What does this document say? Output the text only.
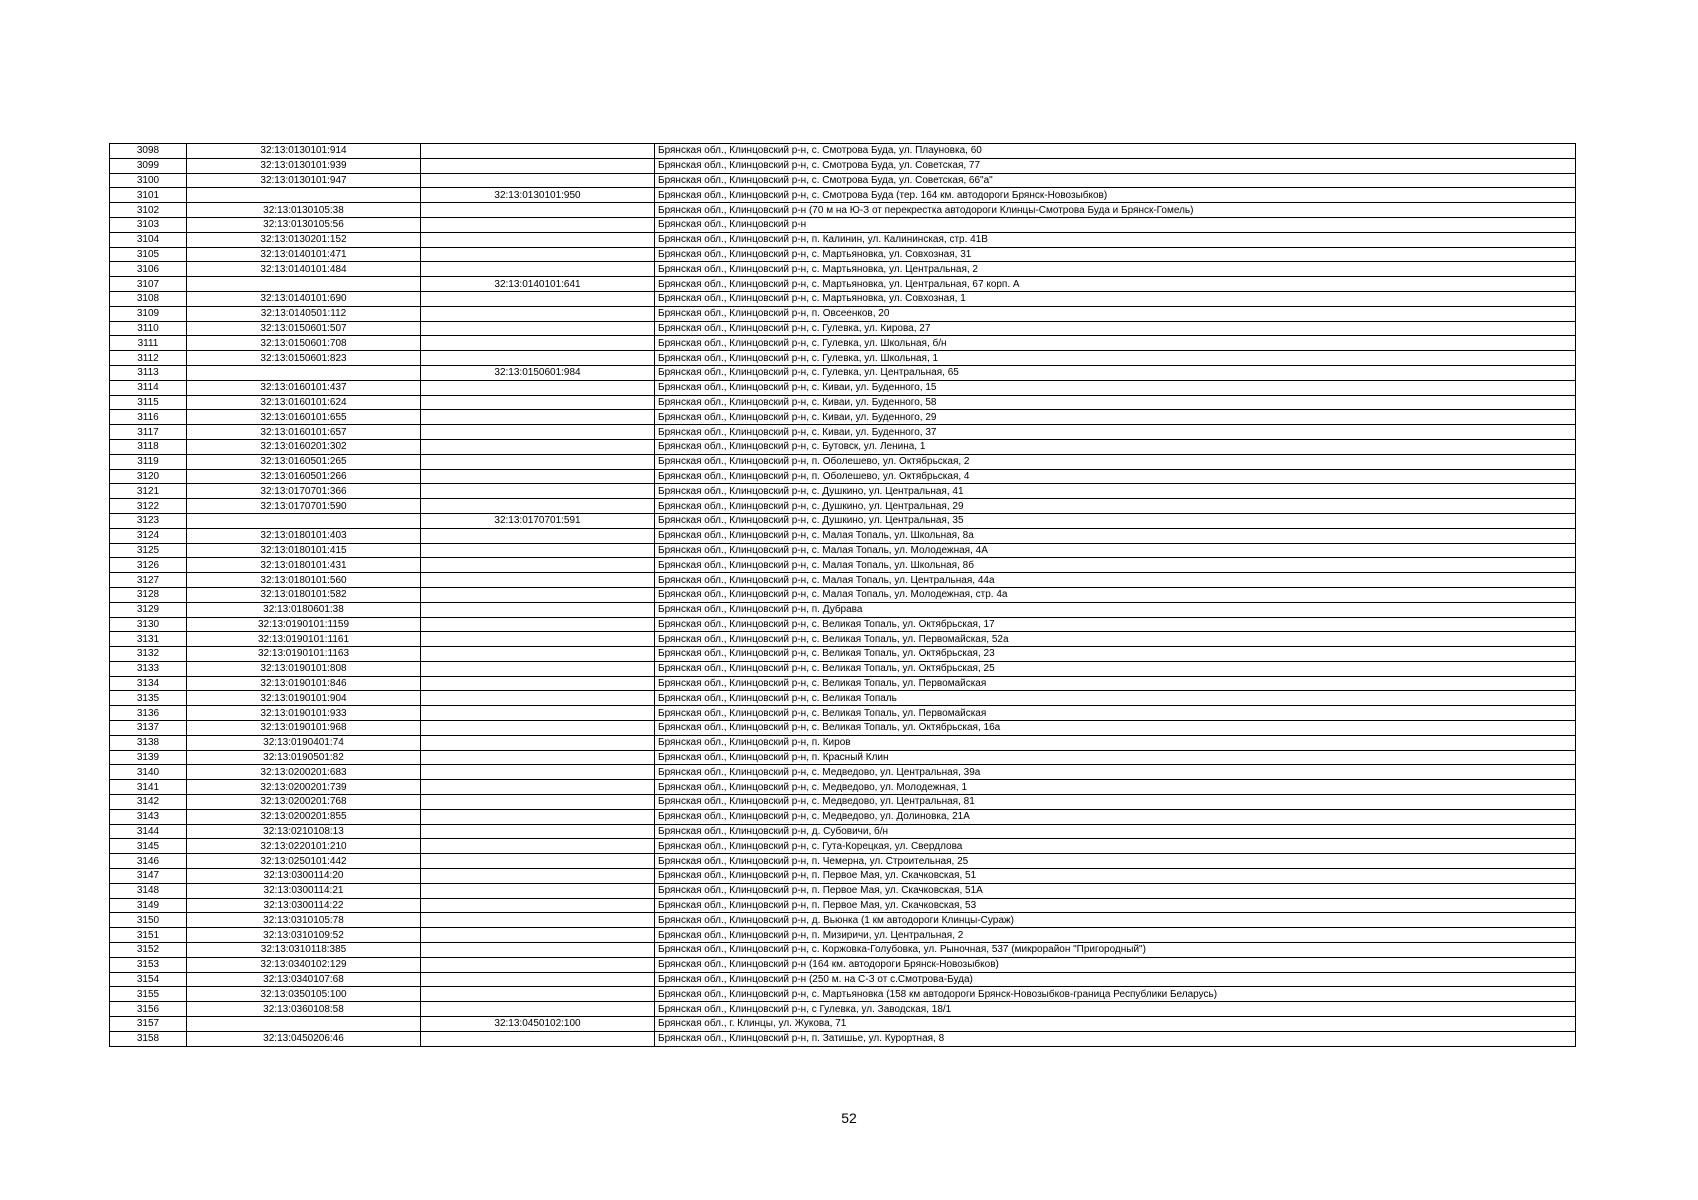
3098	32:13:0130101:914		Брянская обл., Клинцовский р-н, с. Смотрова Буда, ул. Плауновка, 60
3099	32:13:0130101:939		Брянская обл., Клинцовский р-н, с. Смотрова Буда, ул. Советская, 77
3100	32:13:0130101:947		Брянская обл., Клинцовский р-н, с. Смотрова Буда, ул. Советская, 66"а"
3101		32:13:0130101:950	Брянская обл., Клинцовский р-н, с. Смотрова Буда (тер. 164 км. автодороги Брянск-Новозыбков)
3102	32:13:0130105:38		Брянская обл., Клинцовский р-н (70 м на Ю-З от перекрестка автодороги Клинцы-Смотрова Буда и Брянск-Гомель)
3103	32:13:0130105:56		Брянская обл., Клинцовский р-н
3104	32:13:0130201:152		Брянская обл., Клинцовский р-н, п. Калинин, ул. Калининская, стр. 41В
3105	32:13:0140101:471		Брянская обл., Клинцовский р-н, с. Мартьяновка, ул. Совхозная, 31
3106	32:13:0140101:484		Брянская обл., Клинцовский р-н, с. Мартьяновка, ул. Центральная, 2
3107		32:13:0140101:641	Брянская обл., Клинцовский р-н, с. Мартьяновка, ул. Центральная, 67 корп. А
3108	32:13:0140101:690		Брянская обл., Клинцовский р-н, с. Мартьяновка, ул. Совхозная, 1
3109	32:13:0140501:112		Брянская обл., Клинцовский р-н, п. Овсеенков, 20
3110	32:13:0150601:507		Брянская обл., Клинцовский р-н, с. Гулевка, ул. Кирова, 27
3111	32:13:0150601:708		Брянская обл., Клинцовский р-н, с. Гулевка, ул. Школьная, б/н
3112	32:13:0150601:823		Брянская обл., Клинцовский р-н, с. Гулевка, ул. Школьная, 1
3113		32:13:0150601:984	Брянская обл., Клинцовский р-н, с. Гулевка, ул. Центральная, 65
3114	32:13:0160101:437		Брянская обл., Клинцовский р-н, с. Киваи, ул. Буденного, 15
3115	32:13:0160101:624		Брянская обл., Клинцовский р-н, с. Киваи, ул. Буденного, 58
3116	32:13:0160101:655		Брянская обл., Клинцовский р-н, с. Киваи, ул. Буденного, 29
3117	32:13:0160101:657		Брянская обл., Клинцовский р-н, с. Киваи, ул. Буденного, 37
3118	32:13:0160201:302		Брянская обл., Клинцовский р-н, с. Бутовск, ул. Ленина, 1
3119	32:13:0160501:265		Брянская обл., Клинцовский р-н, п. Оболешево, ул. Октябрьская, 2
3120	32:13:0160501:266		Брянская обл., Клинцовский р-н, п. Оболешево, ул. Октябрьская, 4
3121	32:13:0170701:366		Брянская обл., Клинцовский р-н, с. Душкино, ул. Центральная, 41
3122	32:13:0170701:590		Брянская обл., Клинцовский р-н, с. Душкино, ул. Центральная, 29
3123		32:13:0170701:591	Брянская обл., Клинцовский р-н, с. Душкино, ул. Центральная, 35
3124	32:13:0180101:403		Брянская обл., Клинцовский р-н, с. Малая Топаль, ул. Школьная, 8а
3125	32:13:0180101:415		Брянская обл., Клинцовский р-н, с. Малая Топаль, ул. Молодежная, 4А
3126	32:13:0180101:431		Брянская обл., Клинцовский р-н, с. Малая Топаль, ул. Школьная, 8б
3127	32:13:0180101:560		Брянская обл., Клинцовский р-н, с. Малая Топаль, ул. Центральная, 44а
3128	32:13:0180101:582		Брянская обл., Клинцовский р-н, с. Малая Топаль, ул. Молодежная, стр. 4а
3129	32:13:0180601:38		Брянская обл., Клинцовский р-н, п. Дубрава
3130	32:13:0190101:1159		Брянская обл., Клинцовский р-н, с. Великая Топаль, ул. Октябрьская, 17
3131	32:13:0190101:1161		Брянская обл., Клинцовский р-н, с. Великая Топаль, ул. Первомайская, 52а
3132	32:13:0190101:1163		Брянская обл., Клинцовский р-н, с. Великая Топаль, ул. Октябрьская, 23
3133	32:13:0190101:808		Брянская обл., Клинцовский р-н, с. Великая Топаль, ул. Октябрьская, 25
3134	32:13:0190101:846		Брянская обл., Клинцовский р-н, с. Великая Топаль, ул. Первомайская
3135	32:13:0190101:904		Брянская обл., Клинцовский р-н, с. Великая Топаль
3136	32:13:0190101:933		Брянская обл., Клинцовский р-н, с. Великая Топаль, ул. Первомайская
3137	32:13:0190101:968		Брянская обл., Клинцовский р-н, с. Великая Топаль, ул. Октябрьская, 16а
3138	32:13:0190401:74		Брянская обл., Клинцовский р-н, п. Киров
3139	32:13:0190501:82		Брянская обл., Клинцовский р-н, п. Красный Клин
3140	32:13:0200201:683		Брянская обл., Клинцовский р-н, с. Медведово, ул. Центральная, 39а
3141	32:13:0200201:739		Брянская обл., Клинцовский р-н, с. Медведово, ул. Молодежная, 1
3142	32:13:0200201:768		Брянская обл., Клинцовский р-н, с. Медведово, ул. Центральная, 81
3143	32:13:0200201:855		Брянская обл., Клинцовский р-н, с. Медведово, ул. Долиновка, 21А
3144	32:13:0210108:13		Брянская обл., Клинцовский р-н, д. Субовичи, б/н
3145	32:13:0220101:210		Брянская обл., Клинцовский р-н, с. Гута-Корецкая, ул. Свердлова
3146	32:13:0250101:442		Брянская обл., Клинцовский р-н, п. Чемерна, ул. Строительная, 25
3147	32:13:0300114:20		Брянская обл., Клинцовский р-н, п. Первое Мая, ул. Скачковская, 51
3148	32:13:0300114:21		Брянская обл., Клинцовский р-н, п. Первое Мая, ул. Скачковская, 51А
3149	32:13:0300114:22		Брянская обл., Клинцовский р-н, п. Первое Мая, ул. Скачковская, 53
3150	32:13:0310105:78		Брянская обл., Клинцовский р-н, д. Вьюнка (1 км автодороги Клинцы-Сураж)
3151	32:13:0310109:52		Брянская обл., Клинцовский р-н, п. Мизиричи, ул. Центральная, 2
3152	32:13:0310118:385		Брянская обл., Клинцовский р-н, с. Коржовка-Голубовка, ул. Рыночная, 537 (микрорайон "Пригородный")
3153	32:13:0340102:129		Брянская обл., Клинцовский р-н (164 км. автодороги Брянск-Новозыбков)
3154	32:13:0340107:68		Брянская обл., Клинцовский р-н (250 м. на С-З от с.Смотрова-Буда)
3155	32:13:0350105:100		Брянская обл., Клинцовский р-н, с. Мартьяновка (158 км автодороги Брянск-Новозыбков-граница Республики Беларусь)
3156	32:13:0360108:58		Брянская обл., Клинцовский р-н, с Гулевка, ул. Заводская, 18/1
3157		32:13:0450102:100	Брянская обл., г. Клинцы, ул. Жукова, 71
3158	32:13:0450206:46		Брянская обл., Клинцовский р-н, п. Затишье, ул. Курортная, 8
52
